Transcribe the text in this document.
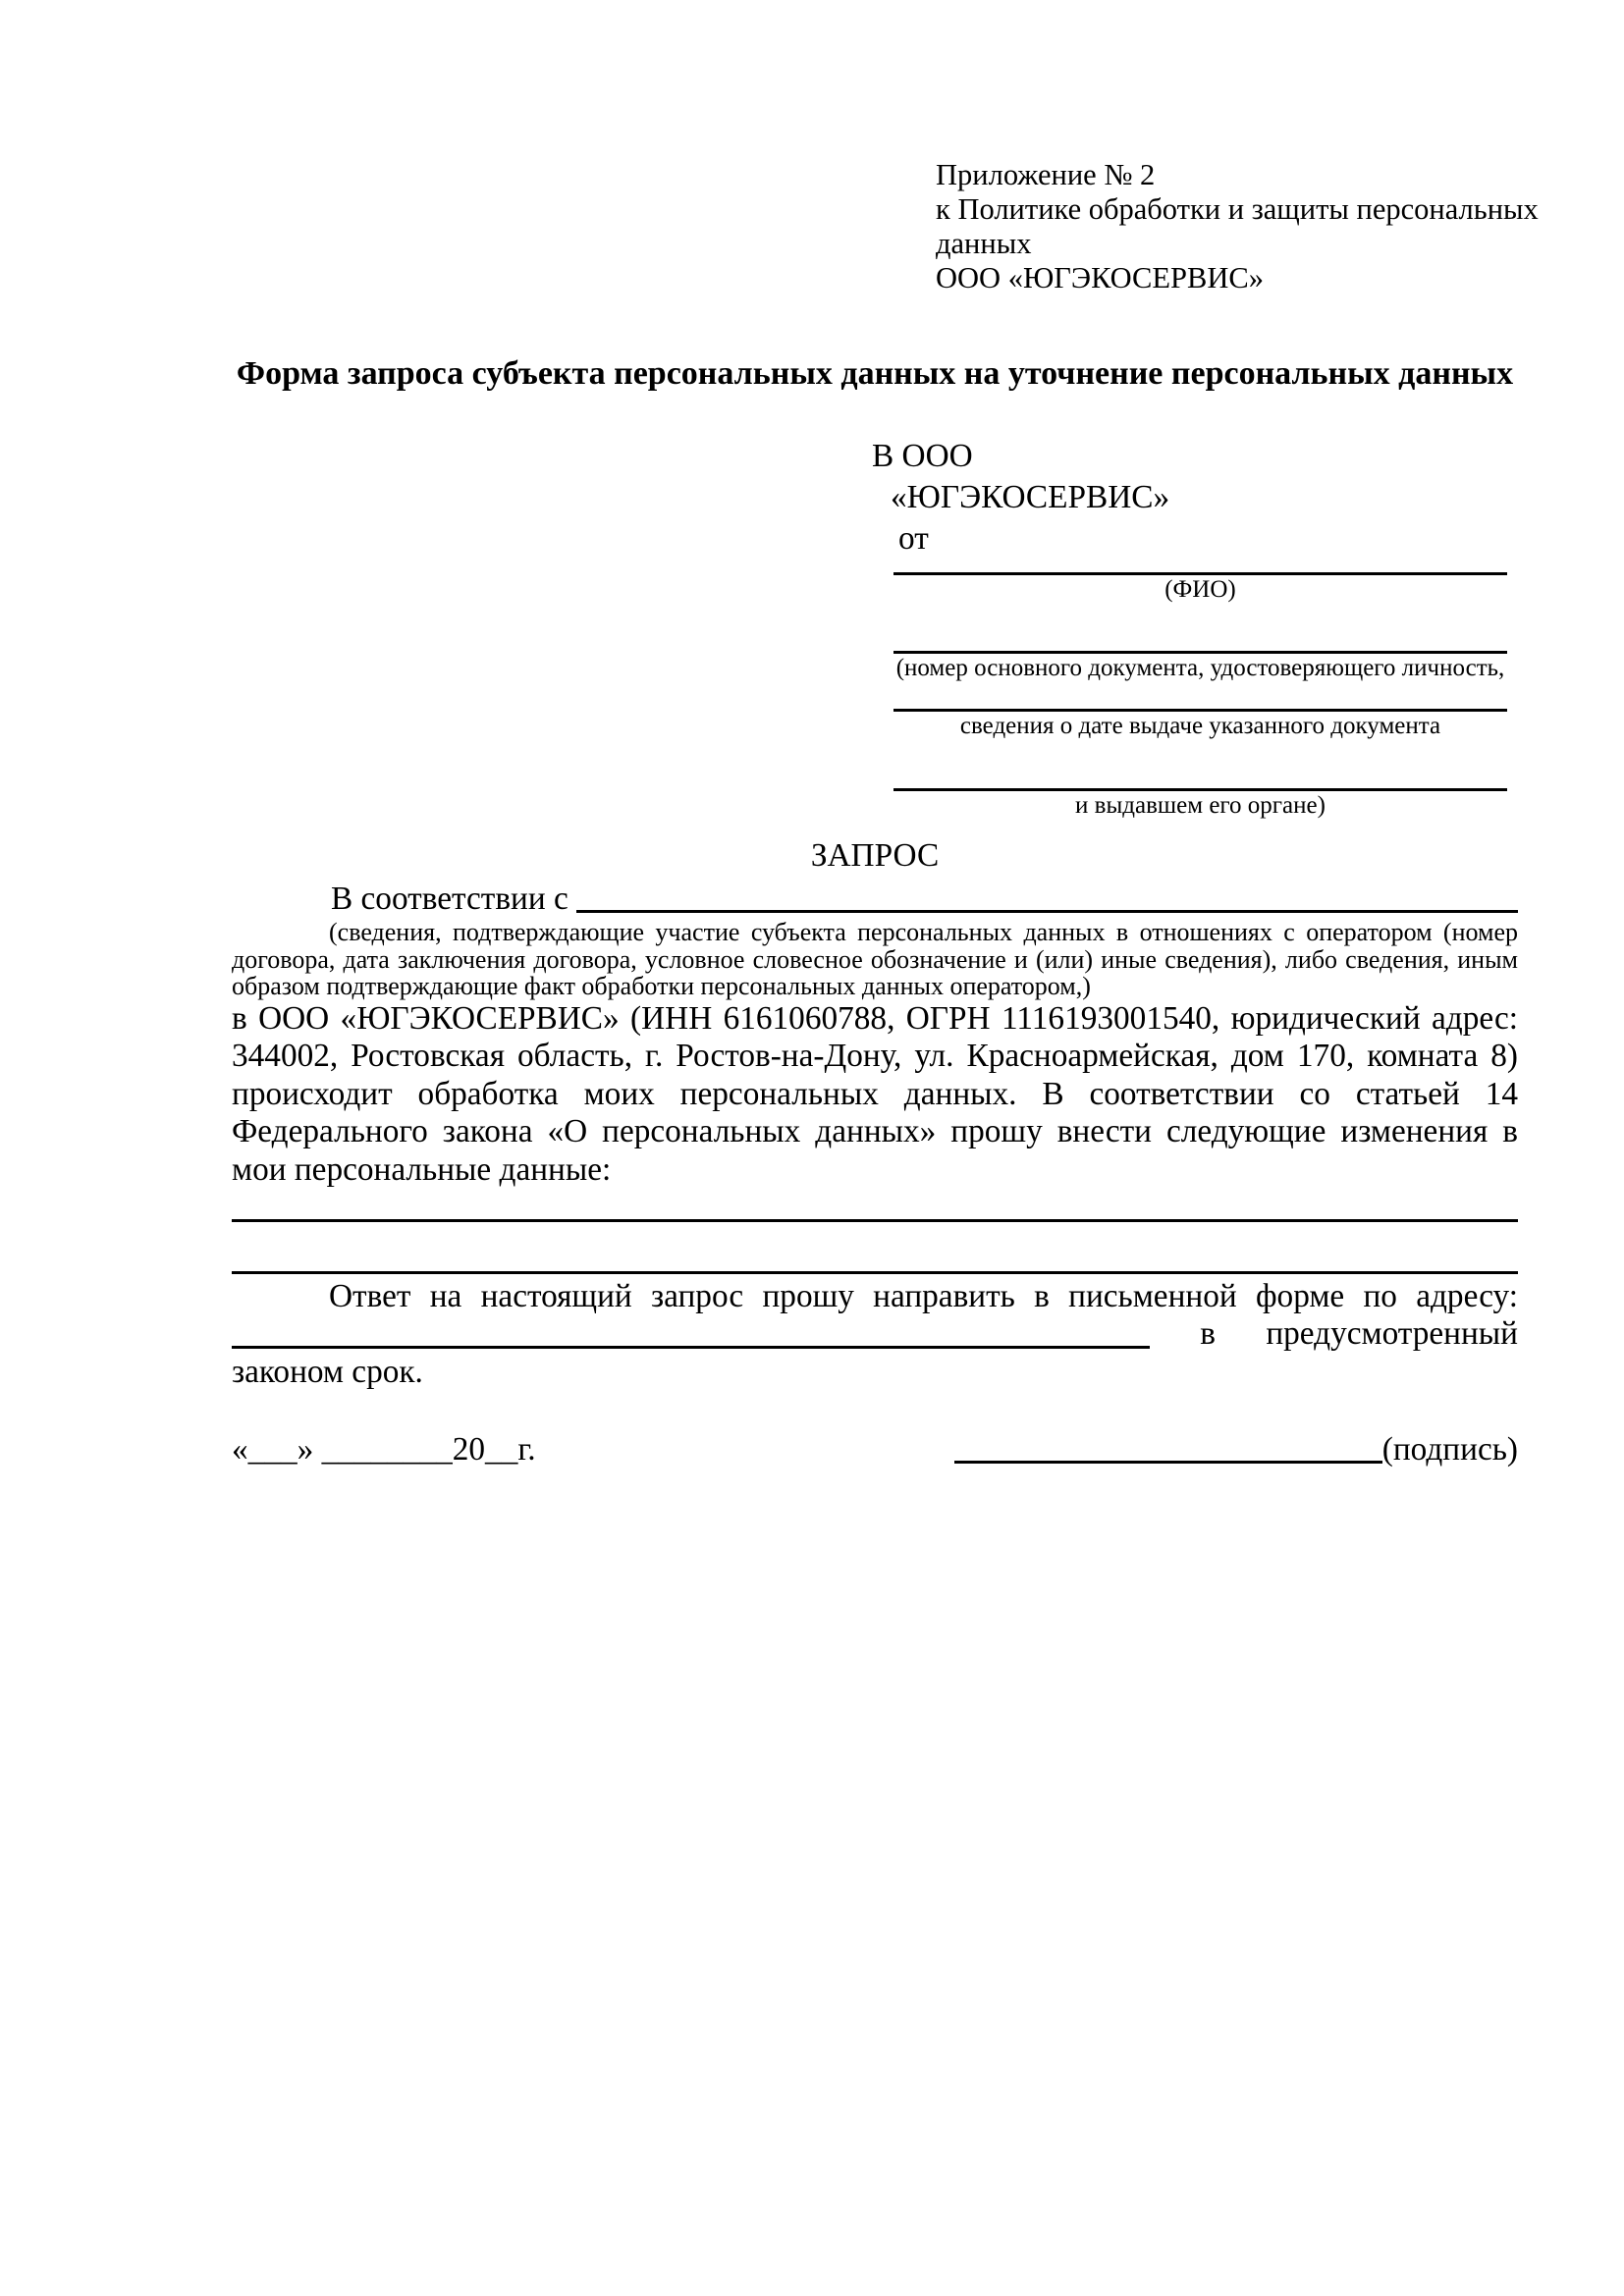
Приложение № 2
к Политике обработки и защиты персональных
данных
ООО «ЮГЭКОСЕРВИС»
Форма запроса субъекта персональных данных на уточнение персональных данных
В ООО
«ЮГЭКОСЕРВИС»
от
(ФИО)
(номер основного документа, удостоверяющего личность,
сведения о дате выдаче указанного документа
и выдавшем его органе)
ЗАПРОС
В соответствии с
(сведения, подтверждающие участие субъекта персональных данных в отношениях с оператором (номер договора, дата заключения договора, условное словесное обозначение и (или) иные сведения), либо сведения, иным образом подтверждающие факт обработки персональных данных оператором,)
в ООО «ЮГЭКОСЕРВИС» (ИНН 6161060788, ОГРН 1116193001540, юридический адрес: 344002, Ростовская область, г. Ростов-на-Дону, ул. Красноармейская, дом 170, комната 8) происходит обработка моих персональных данных. В соответствии со статьей 14 Федерального закона «О персональных данных» прошу внести следующие изменения в мои персональные данные:
Ответ на настоящий запрос прошу направить в письменной форме по адресу:
в предусмотренный
законом срок.
«___» ________20__г.	(подпись)
